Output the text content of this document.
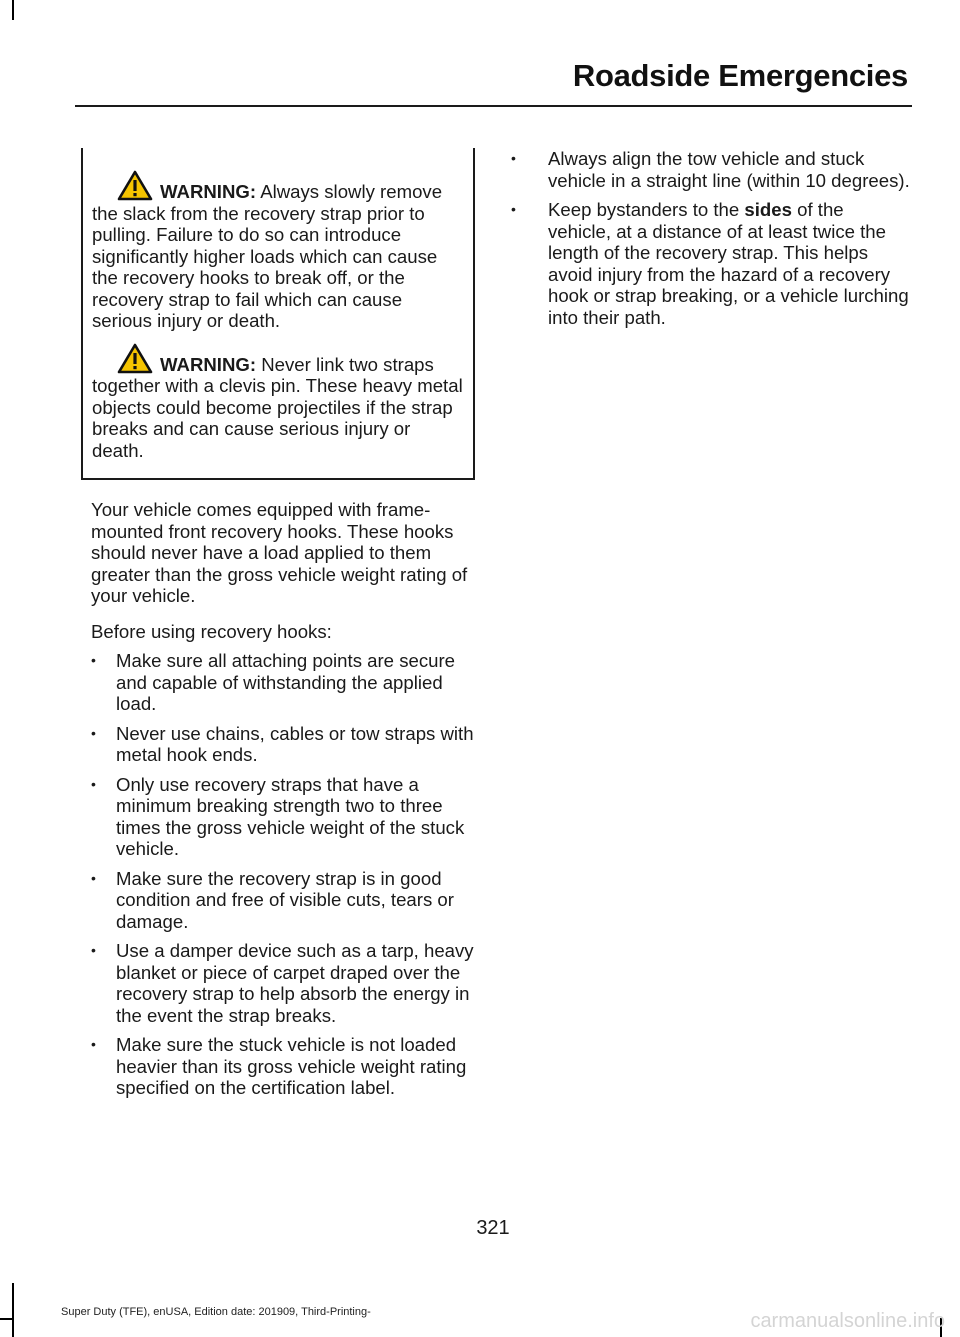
Roadside Emergencies

WARNING: Always slowly remove the slack from the recovery strap prior to pulling. Failure to do so can introduce significantly higher loads which can cause the recovery hooks to break off, or the recovery strap to fail which can cause serious injury or death.

WARNING: Never link two straps together with a clevis pin. These heavy metal objects could become projectiles if the strap breaks and can cause serious injury or death.

Your vehicle comes equipped with frame-mounted front recovery hooks. These hooks should never have a load applied to them greater than the gross vehicle weight rating of your vehicle.

Before using recovery hooks:

• Make sure all attaching points are secure and capable of withstanding the applied load.
• Never use chains, cables or tow straps with metal hook ends.
• Only use recovery straps that have a minimum breaking strength two to three times the gross vehicle weight of the stuck vehicle.
• Make sure the recovery strap is in good condition and free of visible cuts, tears or damage.
• Use a damper device such as a tarp, heavy blanket or piece of carpet draped over the recovery strap to help absorb the energy in the event the strap breaks.
• Make sure the stuck vehicle is not loaded heavier than its gross vehicle weight rating specified on the certification label.
• Always align the tow vehicle and stuck vehicle in a straight line (within 10 degrees).
• Keep bystanders to the sides of the vehicle, at a distance of at least twice the length of the recovery strap. This helps avoid injury from the hazard of a recovery hook or strap breaking, or a vehicle lurching into their path.
321
Super Duty (TFE), enUSA, Edition date: 201909, Third-Printing-	carmanualsonline.info
